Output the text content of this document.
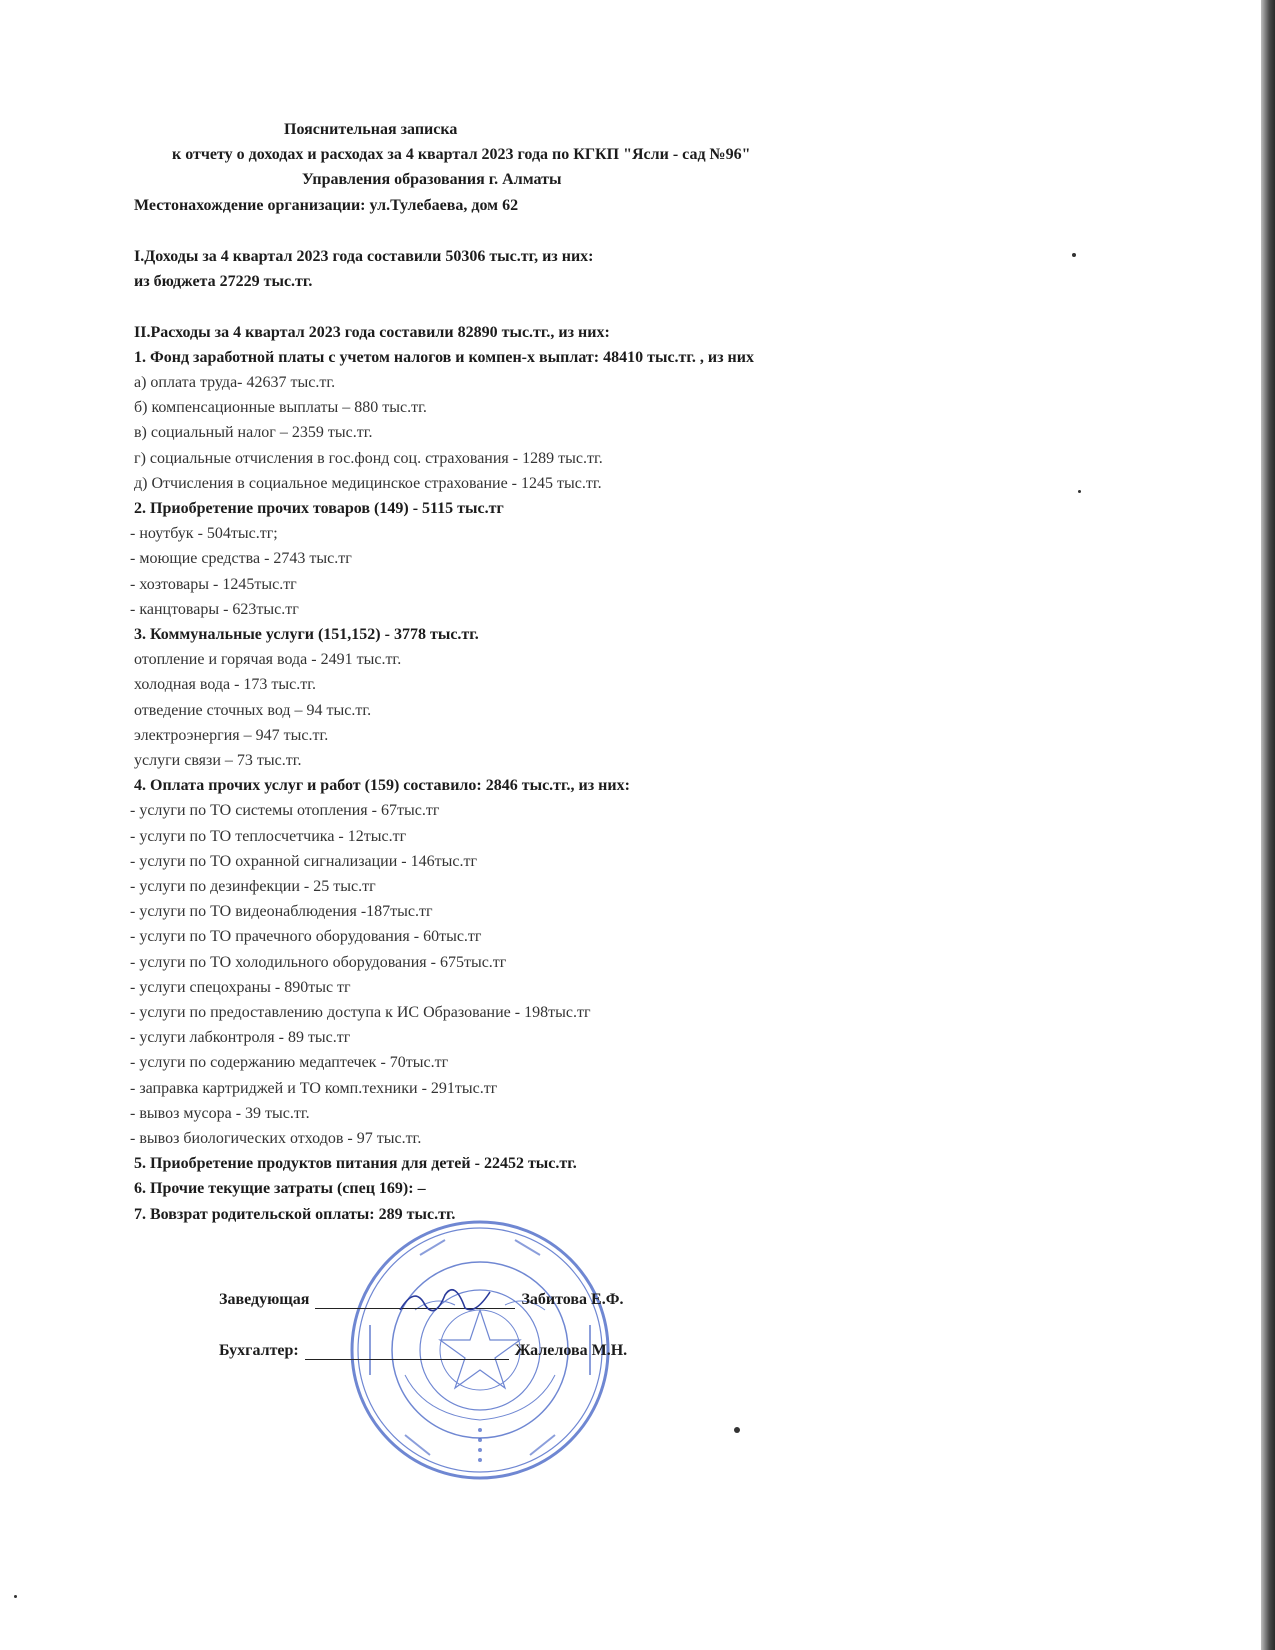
Пояснительная записка
к отчету о доходах и расходах за 4 квартал 2023 года по КГКП "Ясли - сад №96"
Управления образования г. Алматы
Местонахождение организации: ул.Тулебаева, дом 62
I.Доходы за 4 квартал 2023 года составили 50306 тыс.тг, из них:
из бюджета 27229 тыс.тг.
II.Расходы за 4 квартал 2023 года составили 82890 тыс.тг., из них:
1. Фонд заработной платы с учетом налогов и компен-х выплат: 48410 тыс.тг. , из них
а) оплата труда- 42637 тыс.тг.
б) компенсационные выплаты – 880 тыс.тг.
в) социальный налог – 2359 тыс.тг.
г) социальные отчисления в гос.фонд соц. страхования - 1289 тыс.тг.
д) Отчисления в социальное медицинское страхование - 1245 тыс.тг.
2. Приобретение прочих товаров (149) - 5115 тыс.тг
- ноутбук - 504тыс.тг;
- моющие средства - 2743 тыс.тг
- хозтовары - 1245тыс.тг
- канцтовары - 623тыс.тг
3. Коммунальные услуги (151,152) - 3778 тыс.тг.
отопление и горячая вода - 2491 тыс.тг.
холодная вода - 173 тыс.тг.
отведение сточных вод – 94 тыс.тг.
электроэнергия – 947 тыс.тг.
услуги связи – 73 тыс.тг.
4. Оплата прочих услуг и работ (159) составило: 2846 тыс.тг., из них:
- услуги по ТО системы отопления - 67тыс.тг
- услуги по ТО теплосчетчика - 12тыс.тг
- услуги по ТО охранной сигнализации - 146тыс.тг
- услуги по дезинфекции - 25 тыс.тг
- услуги по ТО видеонаблюдения -187тыс.тг
- услуги по ТО прачечного оборудования - 60тыс.тг
- услуги по ТО холодильного оборудования - 675тыс.тг
- услуги спецохраны - 890тыс тг
- услуги по предоставлению доступа к ИС Образование - 198тыс.тг
- услуги лабконтроля - 89 тыс.тг
- услуги по содержанию медаптечек - 70тыс.тг
- заправка картриджей и ТО комп.техники - 291тыс.тг
- вывоз мусора - 39 тыс.тг.
- вывоз биологических отходов - 97 тыс.тг.
5. Приобретение продуктов питания для детей - 22452 тыс.тг.
6. Прочие текущие затраты (спец 169): –
7. Вовзрат родительской оплаты: 289 тыс.тг.
Заведующая	Забитова Е.Ф.
Бухгалтер:	Жалелова М.Н.
